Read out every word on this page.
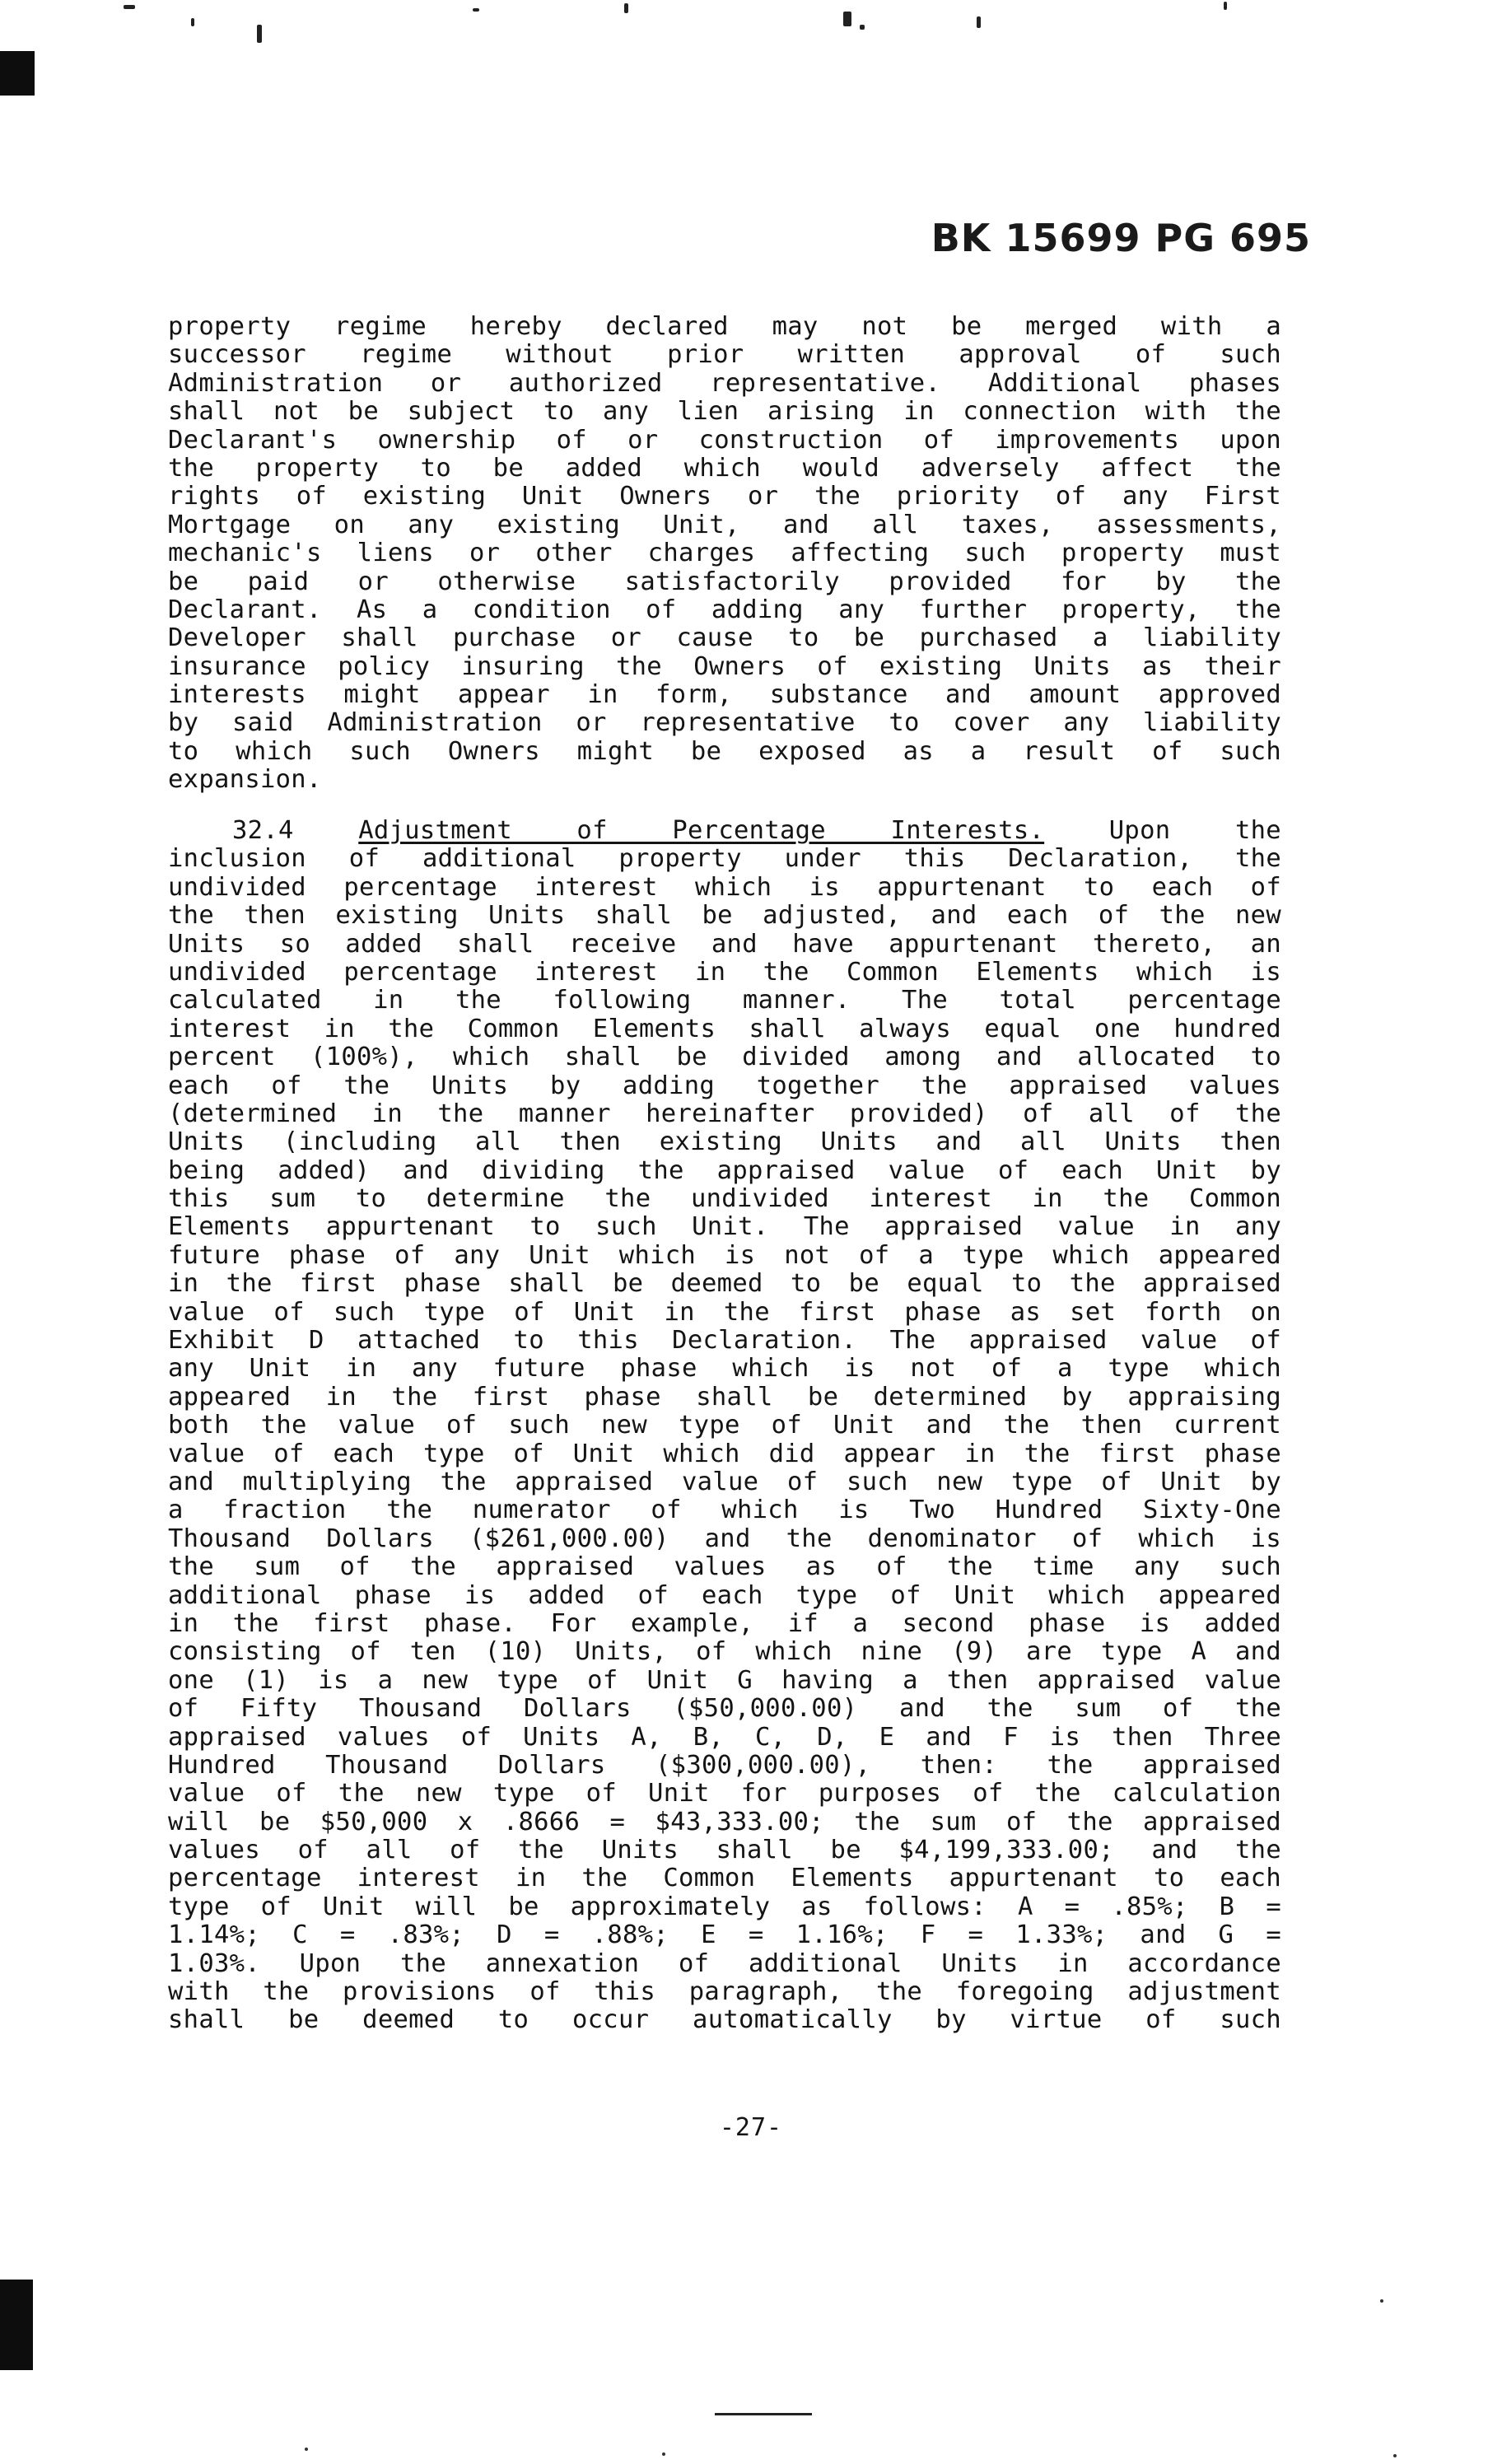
BK 15699 PG 695
property regime hereby declared may not be merged with a
successor regime without prior written approval of such
Administration or authorized representative. Additional phases
shall not be subject to any lien arising in connection with the
Declarant's ownership of or construction of improvements upon
the property to be added which would adversely affect the
rights of existing Unit Owners or the priority of any First
Mortgage on any existing Unit, and all taxes, assessments,
mechanic's liens or other charges affecting such property must
be paid or otherwise satisfactorily provided for by the
Declarant. As a condition of adding any further property, the
Developer shall purchase or cause to be purchased a liability
insurance policy insuring the Owners of existing Units as their
interests might appear in form, substance and amount approved
by said Administration or representative to cover any liability
to which such Owners might be exposed as a result of such
expansion.
32.4	Adjustment of Percentage Interests.	Upon the
inclusion of additional property under this Declaration, the
undivided percentage interest which is appurtenant to each of
the then existing Units shall be adjusted, and each of the new
Units so added shall receive and have appurtenant thereto, an
undivided percentage interest in the Common Elements which is
calculated in the following manner. The total percentage
interest in the Common Elements shall always equal one hundred
percent (100%), which shall be divided among and allocated to
each of the Units by adding together the appraised values
(determined in the manner hereinafter provided) of all of the
Units (including all then existing Units and all Units then
being added) and dividing the appraised value of each Unit by
this sum to determine the undivided interest in the Common
Elements appurtenant to such Unit. The appraised value in any
future phase of any Unit which is not of a type which appeared
in the first phase shall be deemed to be equal to the appraised
value of such type of Unit in the first phase as set forth on
Exhibit D attached to this Declaration. The appraised value of
any Unit in any future phase which is not of a type which
appeared in the first phase shall be determined by appraising
both the value of such new type of Unit and the then current
value of each type of Unit which did appear in the first phase
and multiplying the appraised value of such new type of Unit by
a fraction the numerator of which is Two Hundred Sixty-One
Thousand Dollars ($261,000.00) and the denominator of which is
the sum of the appraised values as of the time any such
additional phase is added of each type of Unit which appeared
in the first phase. For example, if a second phase is added
consisting of ten (10) Units, of which nine (9) are type A and
one (1) is a new type of Unit G having a then appraised value
of Fifty Thousand Dollars ($50,000.00) and the sum of the
appraised values of Units A, B, C, D, E and F is then Three
Hundred Thousand Dollars ($300,000.00), then: the appraised
value of the new type of Unit for purposes of the calculation
will be $50,000 x .8666 = $43,333.00; the sum of the appraised
values of all of the Units shall be $4,199,333.00; and the
percentage interest in the Common Elements appurtenant to each
type of Unit will be approximately as follows: A = .85%; B =
1.14%; C = .83%; D = .88%; E = 1.16%; F = 1.33%; and G =
1.03%. Upon the annexation of additional Units in accordance
with the provisions of this paragraph, the foregoing adjustment
shall be deemed to occur automatically by virtue of such
-27-
